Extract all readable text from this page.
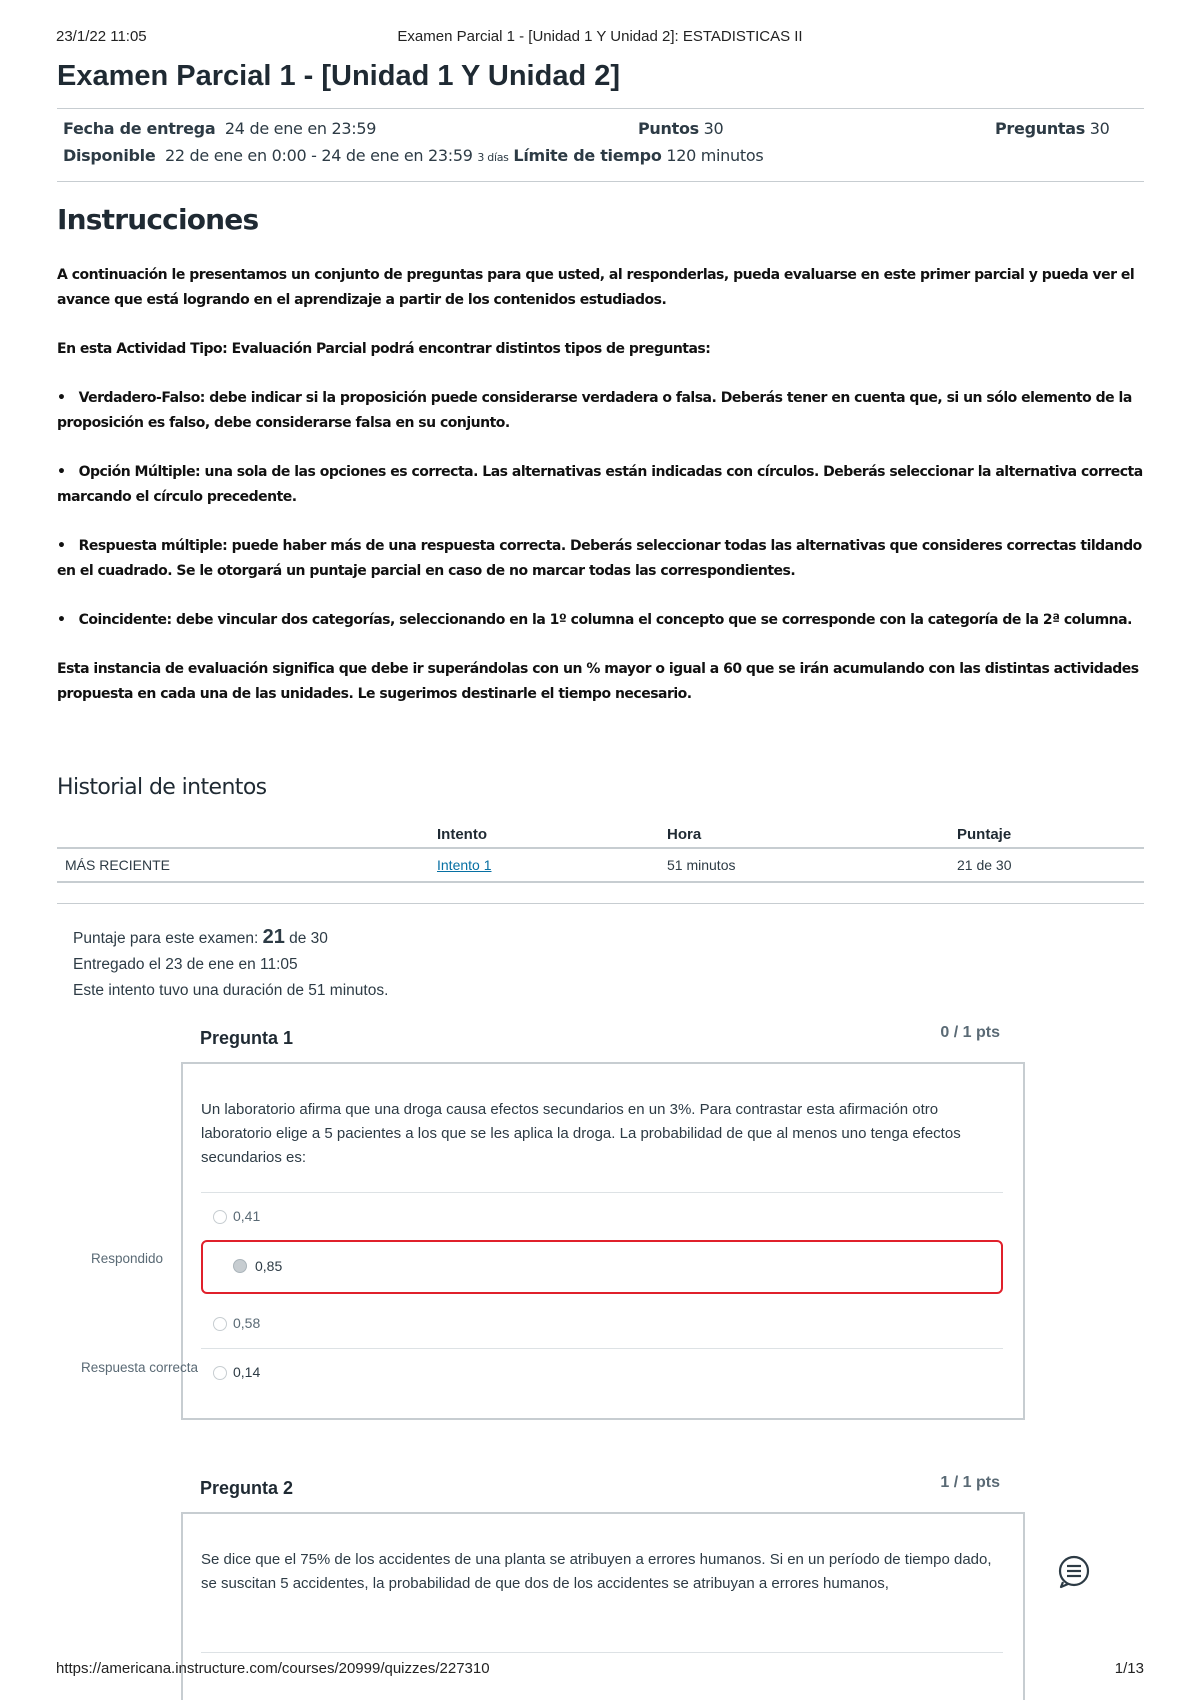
23/1/22 11:05	Examen Parcial 1 - [Unidad 1 Y Unidad 2]: ESTADISTICAS II
Examen Parcial 1 - [Unidad 1 Y Unidad 2]
Fecha de entrega 24 de ene en 23:59	Puntos 30	Preguntas 30
Disponible 22 de ene en 0:00 - 24 de ene en 23:59 3 días Límite de tiempo 120 minutos
Instrucciones

A continuación le presentamos un conjunto de preguntas para que usted, al responderlas, pueda evaluarse en este primer parcial y pueda ver el avance que está logrando en el aprendizaje a partir de los contenidos estudiados.

En esta Actividad Tipo: Evaluación Parcial podrá encontrar distintos tipos de preguntas:

•   Verdadero-Falso: debe indicar si la proposición puede considerarse verdadera o falsa. Deberás tener en cuenta que, si un sólo elemento de la proposición es falso, debe considerarse falsa en su conjunto.

•   Opción Múltiple: una sola de las opciones es correcta. Las alternativas están indicadas con círculos. Deberás seleccionar la alternativa correcta marcando el círculo precedente.

•   Respuesta múltiple: puede haber más de una respuesta correcta. Deberás seleccionar todas las alternativas que consideres correctas tildando en el cuadrado. Se le otorgará un puntaje parcial en caso de no marcar todas las correspondientes.

•   Coincidente: debe vincular dos categorías, seleccionando en la 1º columna el concepto que se corresponde con la categoría de la 2ª columna.

Esta instancia de evaluación significa que debe ir superándolas con un % mayor o igual a 60 que se irán acumulando con las distintas actividades propuesta en cada una de las unidades. Le sugerimos destinarle el tiempo necesario.

Historial de intentos
	Intento	Hora	Puntaje
MÁS RECIENTE	Intento 1	51 minutos	21 de 30
Puntaje para este examen: 21 de 30
Entregado el 23 de ene en 11:05
Este intento tuvo una duración de 51 minutos.
Pregunta 1	0 / 1 pts
Un laboratorio afirma que una droga causa efectos secundarios en un 3%. Para contrastar esta afirmación otro laboratorio elige a 5 pacientes a los que se les aplica la droga. La probabilidad de que al menos uno tenga efectos secundarios es:
0,41
0,85
0,58
0,14
Respondido
Respuesta correcta
Pregunta 2	1 / 1 pts
Se dice que el 75% de los accidentes de una planta se atribuyen a errores humanos. Si en un período de tiempo dado, se suscitan 5 accidentes, la probabilidad de que dos de los accidentes se atribuyan a errores humanos,
https://americana.instructure.com/courses/20999/quizzes/227310	1/13
